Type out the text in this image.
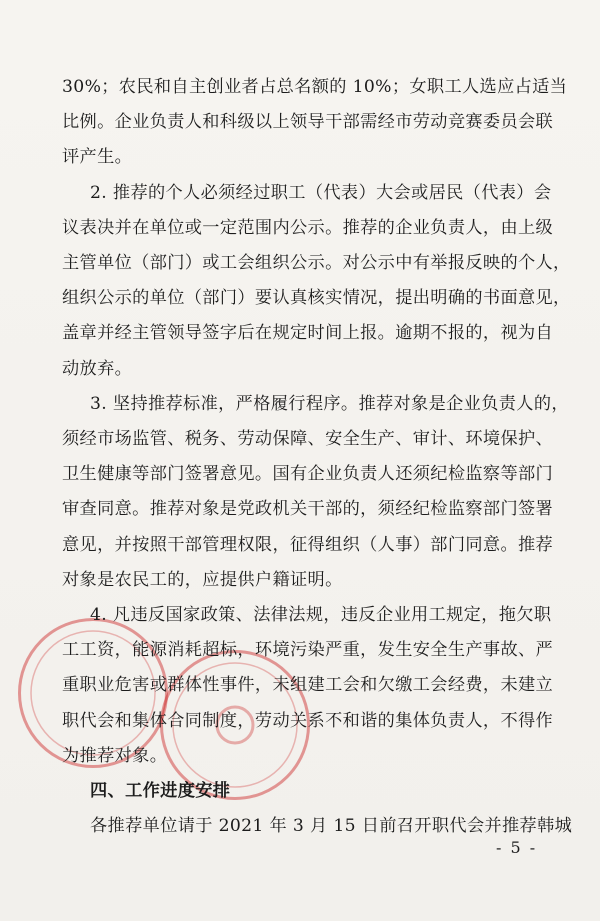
30%；农民和自主创业者占总名额的 10%；女职工人选应占适当
比例。企业负责人和科级以上领导干部需经市劳动竞赛委员会联
评产生。
2. 推荐的个人必须经过职工（代表）大会或居民（代表）会
议表决并在单位或一定范围内公示。推荐的企业负责人，由上级
主管单位（部门）或工会组织公示。对公示中有举报反映的个人，
组织公示的单位（部门）要认真核实情况，提出明确的书面意见，
盖章并经主管领导签字后在规定时间上报。逾期不报的，视为自
动放弃。
3. 坚持推荐标准，严格履行程序。推荐对象是企业负责人的，
须经市场监管、税务、劳动保障、安全生产、审计、环境保护、
卫生健康等部门签署意见。国有企业负责人还须纪检监察等部门
审查同意。推荐对象是党政机关干部的，须经纪检监察部门签署
意见，并按照干部管理权限，征得组织（人事）部门同意。推荐
对象是农民工的，应提供户籍证明。
4. 凡违反国家政策、法律法规，违反企业用工规定，拖欠职
工工资，能源消耗超标，环境污染严重，发生安全生产事故、严
重职业危害或群体性事件，未组建工会和欠缴工会经费，未建立
职代会和集体合同制度，劳动关系不和谐的集体负责人，不得作
为推荐对象。
四、工作进度安排
各推荐单位请于 2021 年 3 月 15 日前召开职代会并推荐韩城
- 5 -
